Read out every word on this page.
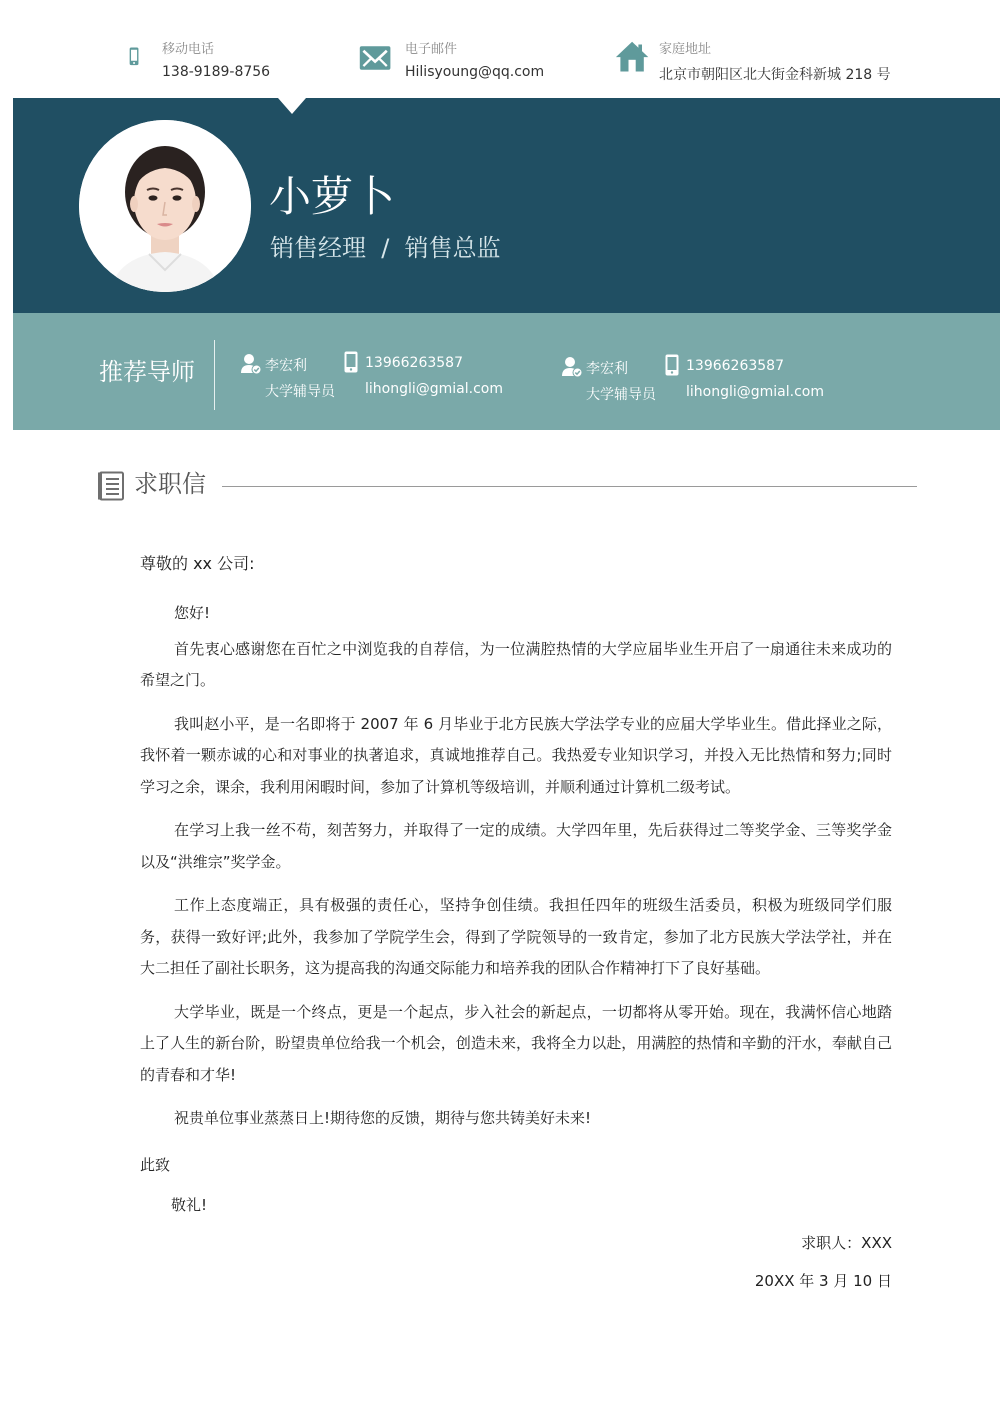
移动电话
138-9189-8756
电子邮件
Hilisyoung@qq.com
家庭地址
北京市朝阳区北大街金科新城 218 号
小萝卜
销售经理  /  销售总监
推荐导师	李宏利
大学辅导员
13966263587
lihongli@gmial.com
李宏利
大学辅导员
13966263587
lihongli@gmial.com
求职信
尊敬的 xx 公司:

您好!

首先衷心感谢您在百忙之中浏览我的自荐信，为一位满腔热情的大学应届毕业生开启了一扇通往未来成功的希望之门。

我叫赵小平，是一名即将于 2007 年 6 月毕业于北方民族大学法学专业的应届大学毕业生。借此择业之际，我怀着一颗赤诚的心和对事业的执著追求，真诚地推荐自己。我热爱专业知识学习，并投入无比热情和努力;同时学习之余，课余，我利用闲暇时间，参加了计算机等级培训，并顺利通过计算机二级考试。

在学习上我一丝不苟，刻苦努力，并取得了一定的成绩。大学四年里，先后获得过二等奖学金、三等奖学金以及“洪维宗”奖学金。

工作上态度端正，具有极强的责任心，坚持争创佳绩。我担任四年的班级生活委员，积极为班级同学们服务，获得一致好评;此外，我参加了学院学生会，得到了学院领导的一致肯定，参加了北方民族大学法学社，并在大二担任了副社长职务，这为提高我的沟通交际能力和培养我的团队合作精神打下了良好基础。

大学毕业，既是一个终点，更是一个起点，步入社会的新起点，一切都将从零开始。现在，我满怀信心地踏上了人生的新台阶，盼望贵单位给我一个机会，创造未来，我将全力以赴，用满腔的热情和辛勤的汗水，奉献自己的青春和才华!

祝贵单位事业蒸蒸日上!期待您的反馈，期待与您共铸美好未来!

此致
敬礼!
求职人：XXX
20XX 年 3 月 10 日
